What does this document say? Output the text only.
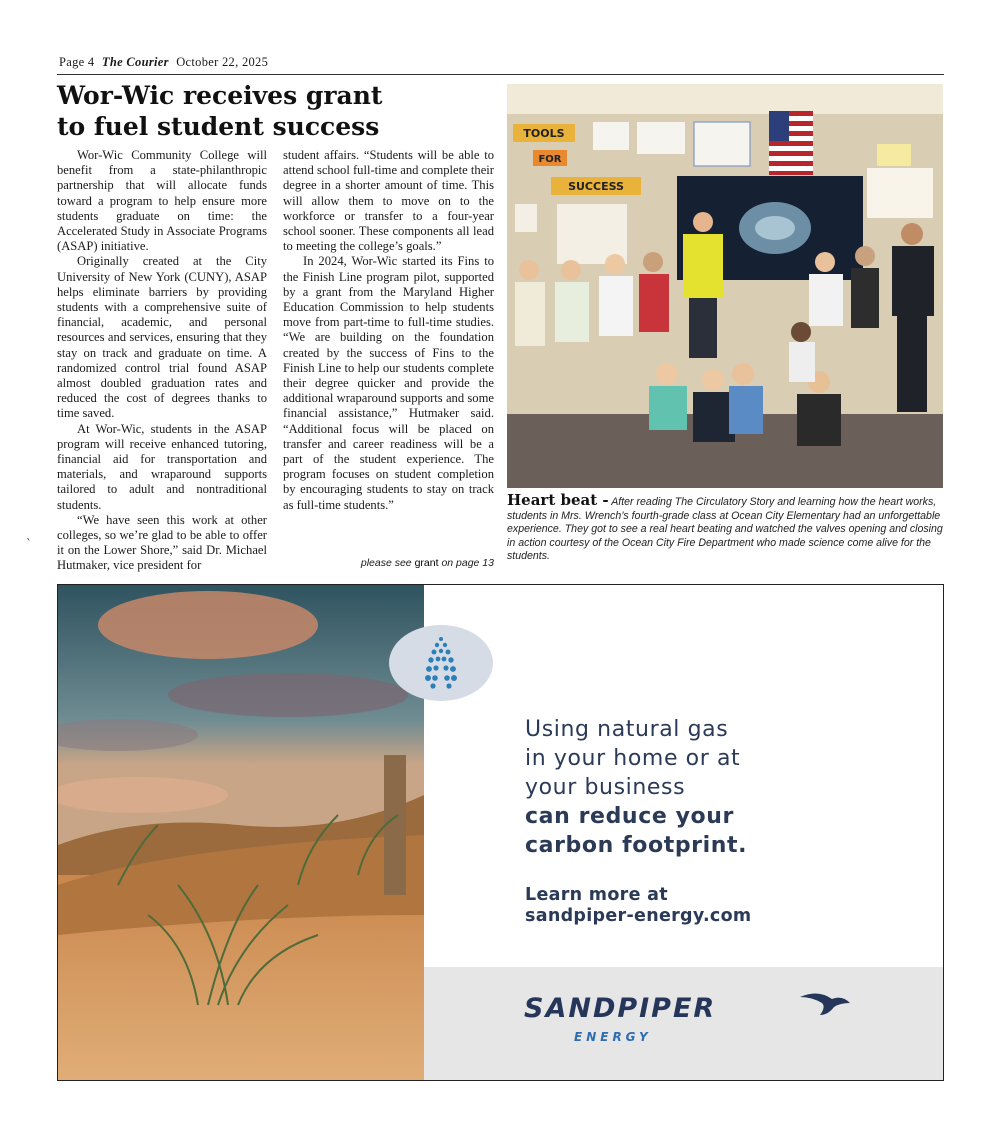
Page 4 The Courier October 22, 2025
Wor-Wic receives grant
to fuel student success

Wor-Wic Community College will benefit from a state-philanthropic partnership that will allocate funds toward a program to help ensure more students graduate on time: the Accelerated Study in Associate Programs (ASAP) initiative.

Originally created at the City University of New York (CUNY), ASAP helps eliminate barriers by providing students with a comprehensive suite of financial, academic, and personal resources and services, ensuring that they stay on track and graduate on time. A randomized control trial found ASAP almost doubled graduation rates and reduced the cost of degrees thanks to time saved.

At Wor-Wic, students in the ASAP program will receive enhanced tutoring, financial aid for transportation and materials, and wraparound supports tailored to adult and nontraditional students.

“We have seen this work at other colleges, so we’re glad to be able to offer it on the Lower Shore,” said Dr. Michael Hutmaker, vice president for

student affairs. “Students will be able to attend school full-time and complete their degree in a shorter amount of time. This will allow them to move on to the workforce or transfer to a four-year school sooner. These components all lead to meeting the college’s goals.”

In 2024, Wor-Wic started its Fins to the Finish Line program pilot, supported by a grant from the Maryland Higher Education Commission to help students move from part-time to full-time studies. “We are building on the foundation created by the success of Fins to the Finish Line to help our students complete their degree quicker and provide the additional wraparound supports and some financial assistance,” Hutmaker said. “Additional focus will be placed on transfer and career readiness will be a part of the student experience. The program focuses on student completion by encouraging students to stay on track as full-time students.”

please see grant on page 13
TOOLS
FOR
SUCCESS
Heart beat - After reading The Circulatory Story and learning how the heart works, students in Mrs. Wrench’s fourth-grade class at Ocean City Elementary had an unforgettable experience. They got to see a real heart beating and watched the valves opening and closing in action courtesy of the Ocean City Fire Department who made science come alive for the students.
`
Using natural gas
in your home or at
your business
can reduce your
carbon footprint.
Learn more at
sandpiper-energy.com
SANDPIPER
ENERGY
